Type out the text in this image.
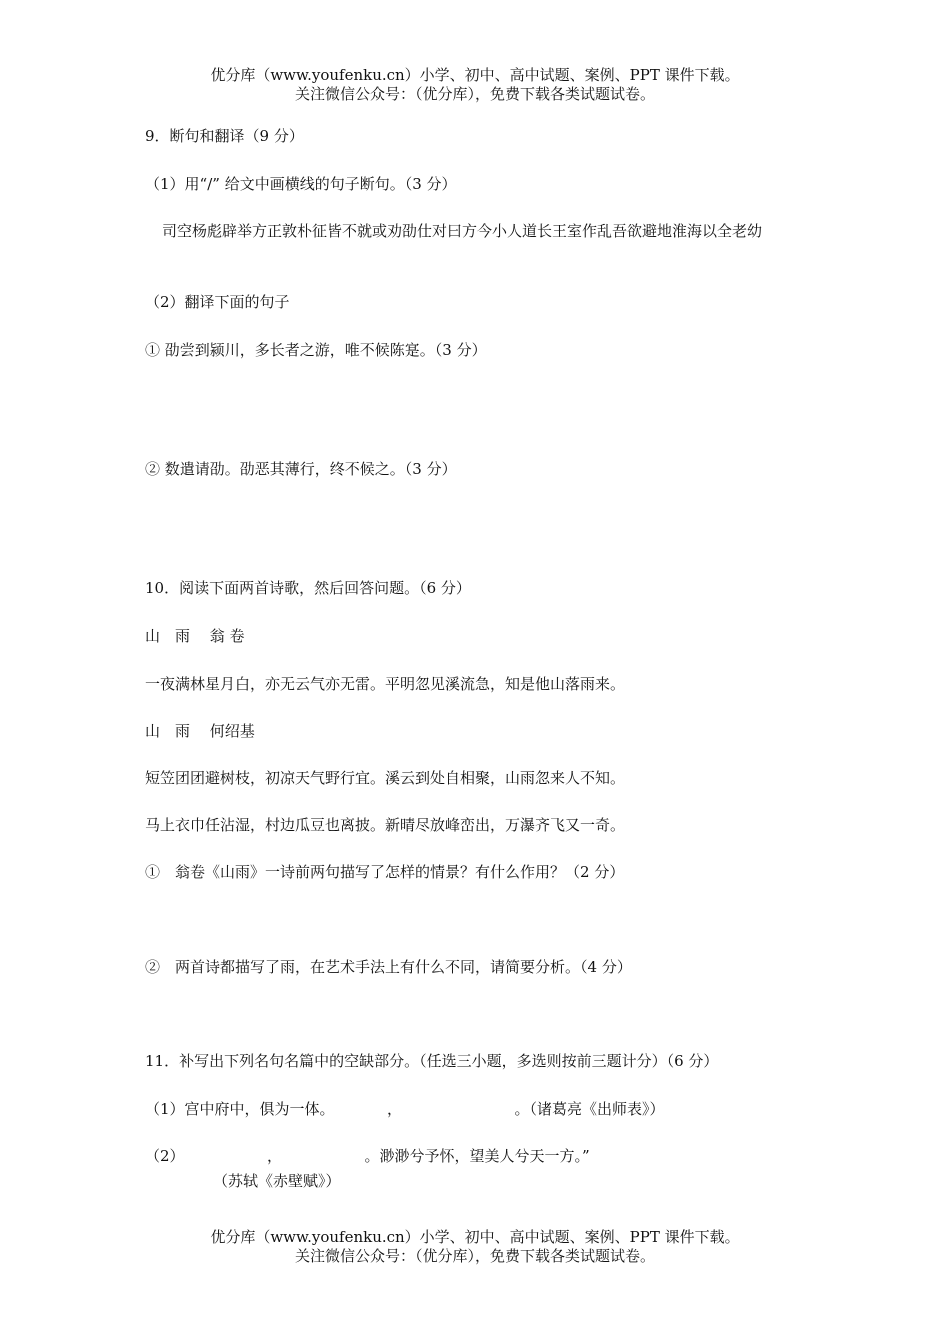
优分库（www.youfenku.cn）小学、初中、高中试题、案例、PPT 课件下载。
关注微信公众号：（优分库），免费下载各类试题试卷。
9．断句和翻译（9 分）
（1）用“/” 给文中画横线的句子断句。（3 分）
司空杨彪辟举方正敦朴征皆不就或劝劭仕对曰方今小人道长王室作乱吾欲避地淮海以全老幼
（2）翻译下面的句子
① 劭尝到颍川，多长者之游，唯不候陈寔。（3 分）
② 数遣请劭。劭恶其薄行，终不候之。（3 分）
10．阅读下面两首诗歌，然后回答问题。（6 分）
山　雨　 翁 卷
一夜满林星月白，亦无云气亦无雷。平明忽见溪流急，知是他山落雨来。
山　雨　 何绍基
短笠团团避树枝，初凉天气野行宜。溪云到处自相聚，山雨忽来人不知。
马上衣巾任沾湿，村边瓜豆也离披。新晴尽放峰峦出，万瀑齐飞又一奇。
①　翁卷《山雨》一诗前两句描写了怎样的情景？有什么作用？（2 分）
②　两首诗都描写了雨，在艺术手法上有什么不同，请简要分析。（4 分）
11．补写出下列名句名篇中的空缺部分。（任选三小题，多选则按前三题计分）（6 分）
（1）宫中府中，俱为一体。　　　　，　　　　　　　　。（诸葛亮《出师表》）
（2）　　　　　　，　　　　　　。渺渺兮予怀，望美人兮天一方。”
（苏轼《赤壁赋》）
优分库（www.youfenku.cn）小学、初中、高中试题、案例、PPT 课件下载。
关注微信公众号：（优分库），免费下载各类试题试卷。
